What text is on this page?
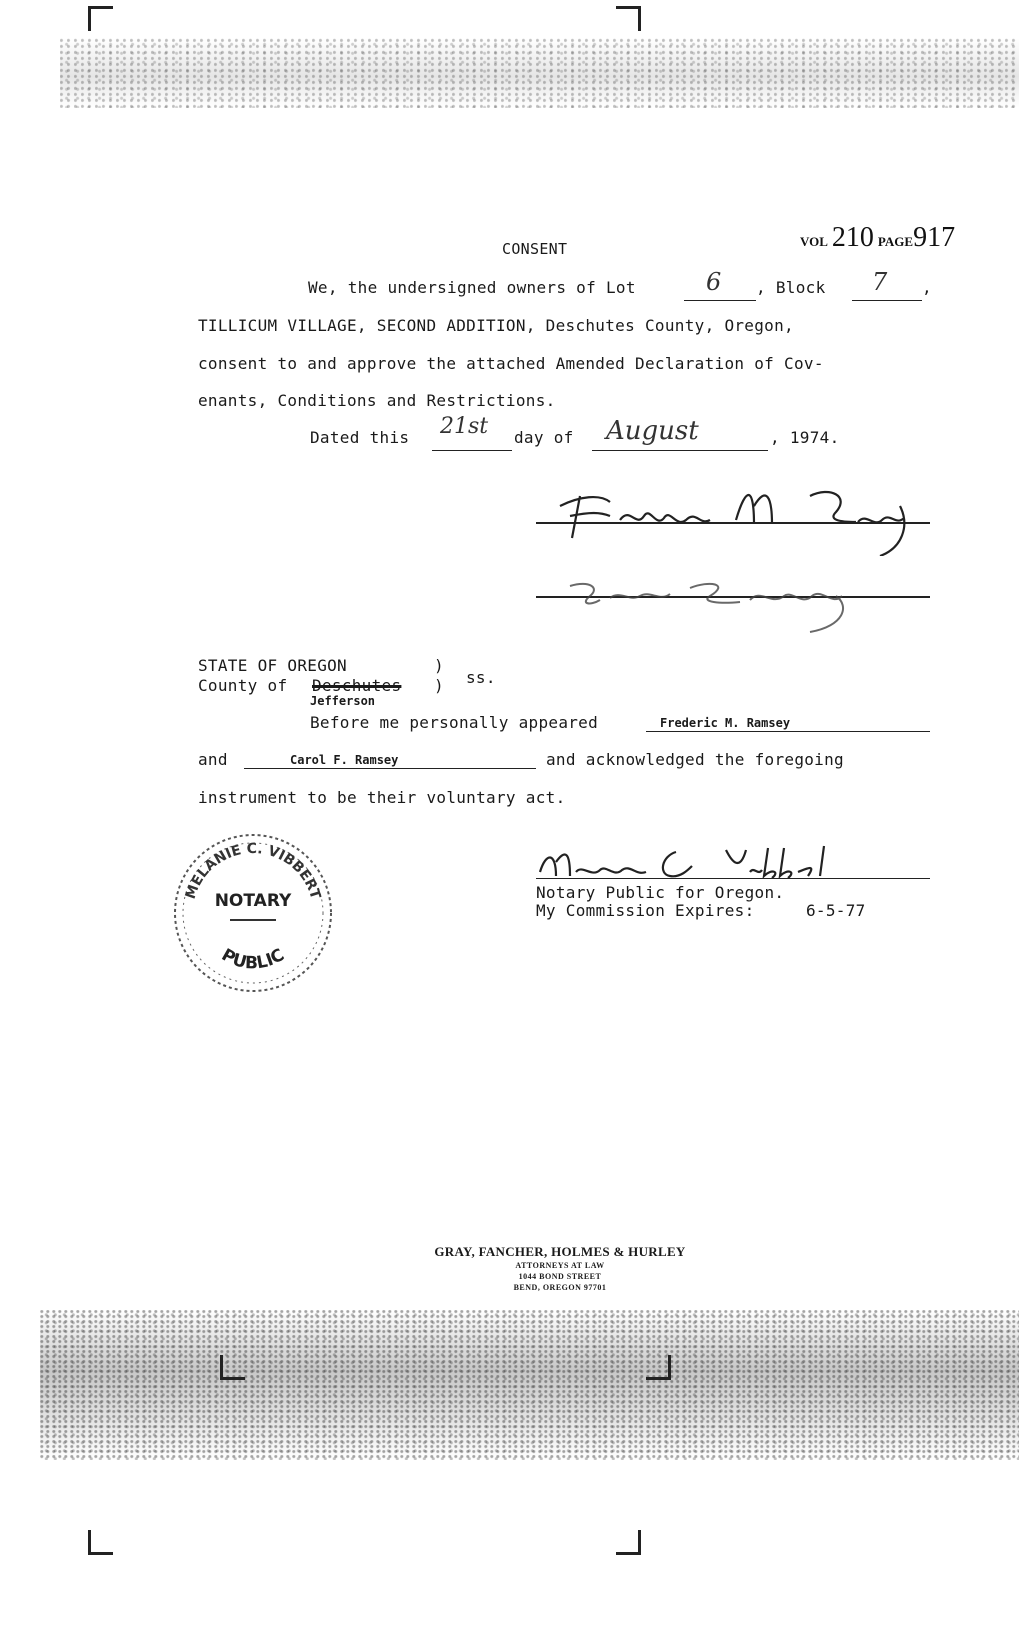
CONSENT	VOL 210 PAGE917
We, the undersigned owners of Lot	6 , Block 7 ,
TILLICUM VILLAGE, SECOND ADDITION, Deschutes County, Oregon,
consent to and approve the attached Amended Declaration of Cov-
enants, Conditions and Restrictions.
Dated this 21st day of August	, 1974.
STATE OF OREGON	)
ss.
County of Deschutes )
Jefferson
Before me personally appeared	Frederic M. Ramsey
and	Carol F. Ramsey	and acknowledged the foregoing
instrument to be their voluntary act.
Notary Public for Oregon.
My Commission Expires:	6-5-77
MELANIE C. VIBBERT
NOTARY
PUBLIC
GRAY, FANCHER, HOLMES & HURLEY
ATTORNEYS AT LAW
1044 BOND STREET
BEND, OREGON 97701
